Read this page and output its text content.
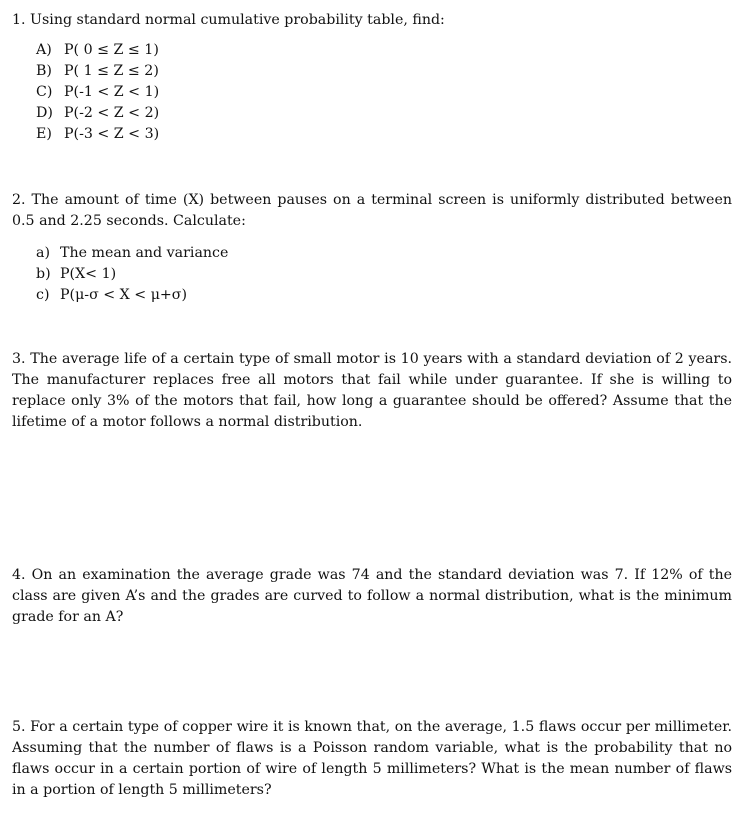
1. Using standard normal cumulative probability table, find:

A) P( 0 ≤ Z ≤ 1)
B) P( 1 ≤ Z ≤ 2)
C) P(-1 < Z < 1)
D) P(-2 < Z < 2)
E) P(-3 < Z < 3)

2. The amount of time (X) between pauses on a terminal screen is uniformly distributed between 0.5 and 2.25 seconds. Calculate:

a) The mean and variance
b) P(X< 1)
c) P(μ-σ < X < μ+σ)

3. The average life of a certain type of small motor is 10 years with a standard deviation of 2 years. The manufacturer replaces free all motors that fail while under guarantee. If she is willing to replace only 3% of the motors that fail, how long a guarantee should be offered? Assume that the lifetime of a motor follows a normal distribution.

4. On an examination the average grade was 74 and the standard deviation was 7. If 12% of the class are given A’s and the grades are curved to follow a normal distribution, what is the minimum grade for an A?

5. For a certain type of copper wire it is known that, on the average, 1.5 flaws occur per millimeter. Assuming that the number of flaws is a Poisson random variable, what is the probability that no flaws occur in a certain portion of wire of length 5 millimeters? What is the mean number of flaws in a portion of length 5 millimeters?
